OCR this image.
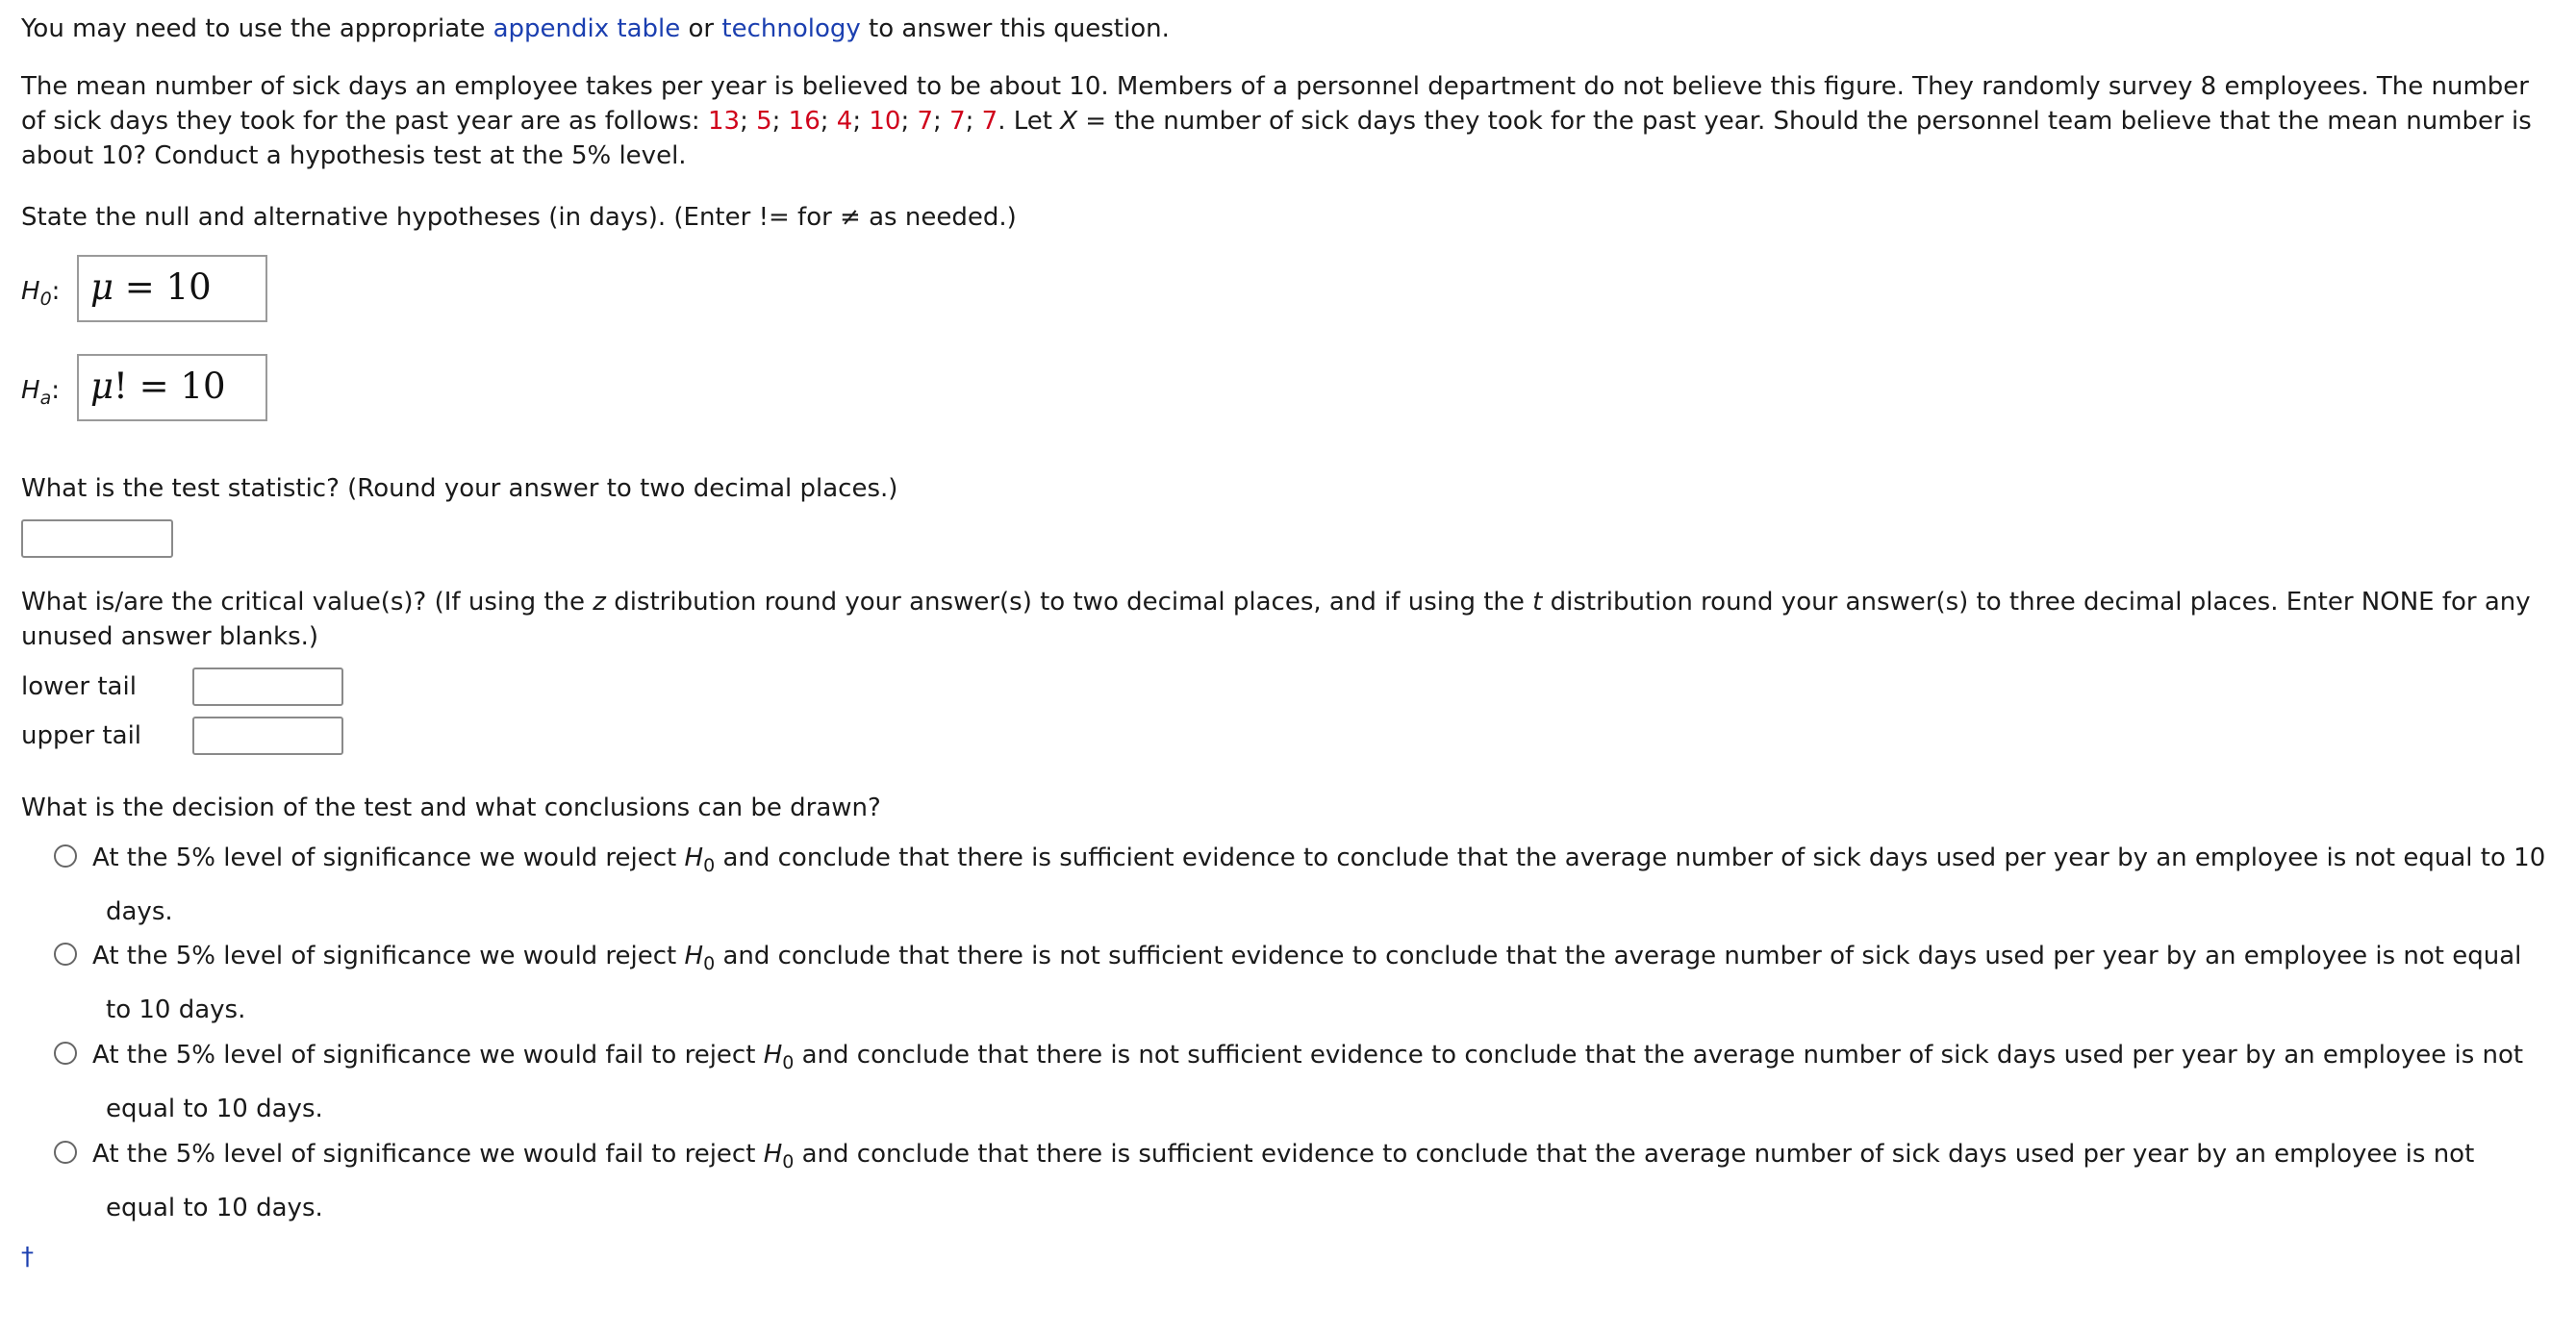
You may need to use the appropriate appendix table or technology to answer this question.
The mean number of sick days an employee takes per year is believed to be about 10. Members of a personnel department do not believe this figure. They randomly survey 8 employees. The number of sick days they took for the past year are as follows: 13; 5; 16; 4; 10; 7; 7; 7. Let X = the number of sick days they took for the past year. Should the personnel team believe that the mean number is about 10? Conduct a hypothesis test at the 5% level.
State the null and alternative hypotheses (in days). (Enter != for ≠ as needed.)
$H_0$: μ = 10
$H_a$: μ! = 10
What is the test statistic? (Round your answer to two decimal places.)
What is/are the critical value(s)? (If using the z distribution round your answer(s) to two decimal places, and if using the t distribution round your answer(s) to three decimal places. Enter NONE for any unused answer blanks.)
lower tail
upper tail
What is the decision of the test and what conclusions can be drawn?
At the 5% level of significance we would reject $H_0$ and conclude that there is sufficient evidence to conclude that the average number of sick days used per year by an employee is not equal to 10
days.
At the 5% level of significance we would reject $H_0$ and conclude that there is not sufficient evidence to conclude that the average number of sick days used per year by an employee is not equal
to 10 days.
At the 5% level of significance we would fail to reject $H_0$ and conclude that there is not sufficient evidence to conclude that the average number of sick days used per year by an employee is not
equal to 10 days.
At the 5% level of significance we would fail to reject $H_0$ and conclude that there is sufficient evidence to conclude that the average number of sick days used per year by an employee is not
equal to 10 days.
†
